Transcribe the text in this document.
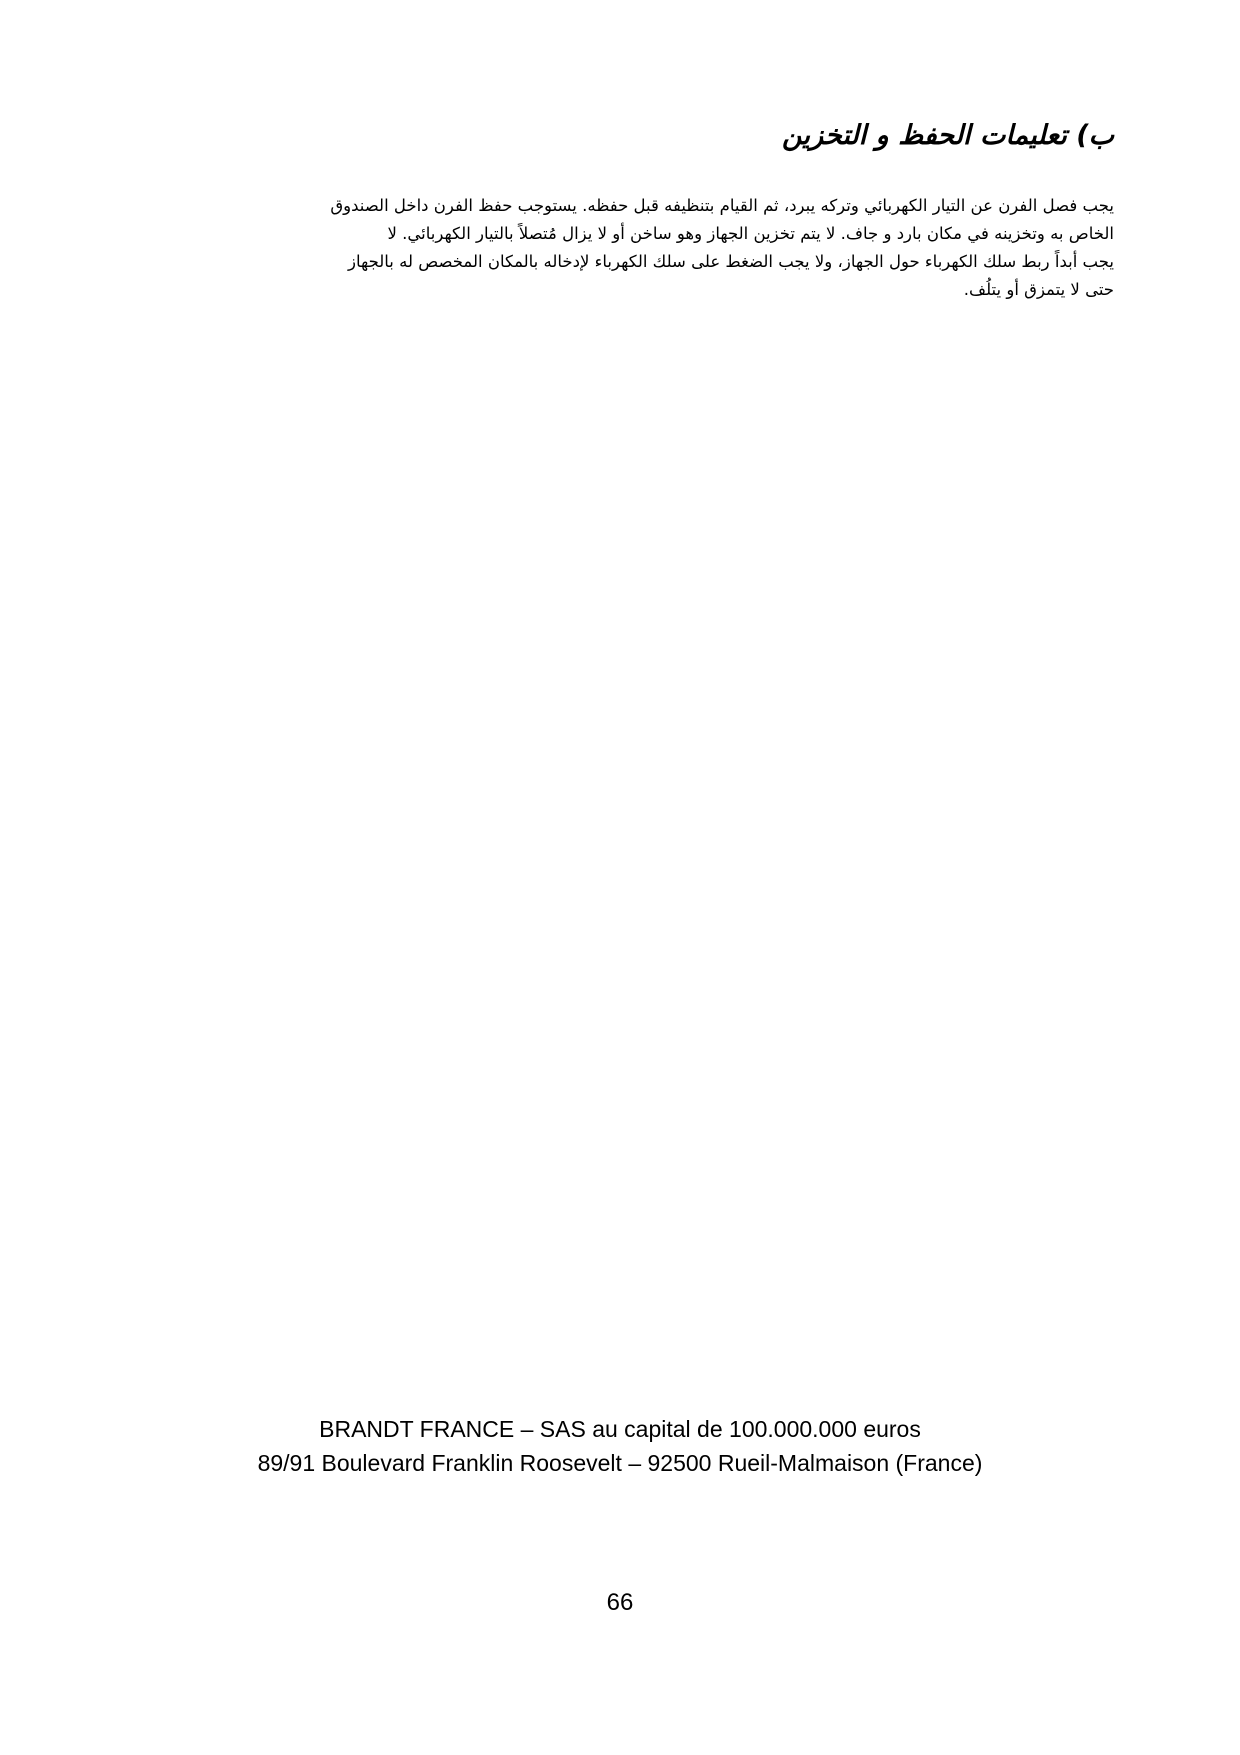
ب) تعليمات الحفظ و التخزين

يجب فصل الفرن عن التيار الكهربائي وتركه يبرد، ثم القيام بتنظيفه قبل حفظه. يستوجب حفظ الفرن داخل الصندوق
الخاص به وتخزينه في مكان بارد و جاف. لا يتم تخزين الجهاز وهو ساخن أو لا يزال مُتصلاً بالتيار الكهربائي. لا
يجب أبداً ربط سلك الكهرباء حول الجهاز، ولا يجب الضغط على سلك الكهرباء لإدخاله بالمكان المخصص له بالجهاز
حتى لا يتمزق أو يتلُف.

BRANDT FRANCE – SAS au capital de 100.000.000 euros
89/91 Boulevard Franklin Roosevelt – 92500 Rueil-Malmaison (France)
66
